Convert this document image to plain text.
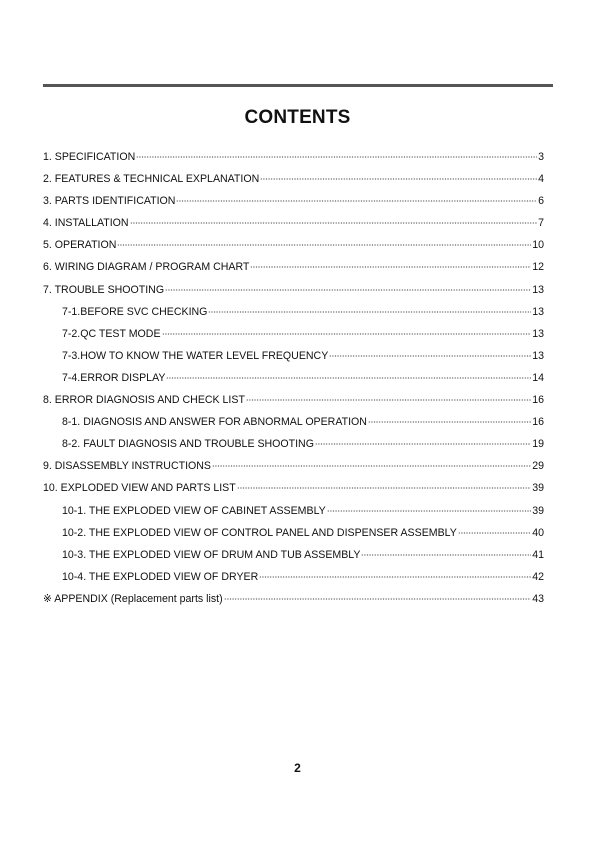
CONTENTS
1. SPECIFICATION	3
2. FEATURES & TECHNICAL EXPLANATION	4
3. PARTS IDENTIFICATION	6
4. INSTALLATION	7
5. OPERATION	10
6. WIRING DIAGRAM / PROGRAM CHART	12
7. TROUBLE SHOOTING	13
7-1.BEFORE SVC CHECKING	13
7-2.QC TEST MODE	13
7-3.HOW TO KNOW THE WATER LEVEL FREQUENCY	13
7-4.ERROR DISPLAY	14
8. ERROR DIAGNOSIS AND CHECK LIST	16
8-1. DIAGNOSIS AND ANSWER FOR ABNORMAL OPERATION	16
8-2. FAULT DIAGNOSIS AND TROUBLE SHOOTING	19
9. DISASSEMBLY INSTRUCTIONS	29
10. EXPLODED VIEW AND PARTS LIST	39
10-1. THE EXPLODED VIEW OF CABINET ASSEMBLY	39
10-2. THE EXPLODED VIEW OF CONTROL PANEL AND DISPENSER ASSEMBLY	40
10-3. THE EXPLODED VIEW OF DRUM AND TUB ASSEMBLY	41
10-4. THE EXPLODED VIEW OF DRYER	42
※ APPENDIX (Replacement parts list)	43
2
